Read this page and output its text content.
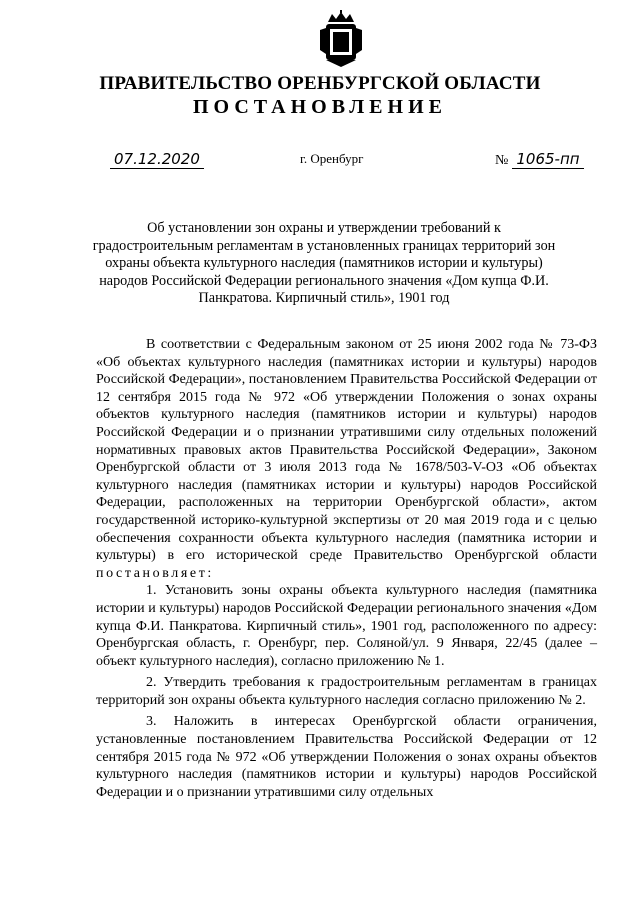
ПРАВИТЕЛЬСТВО ОРЕНБУРГСКОЙ ОБЛАСТИ
ПОСТАНОВЛЕНИЕ
07.12.2020	г. Оренбург	№ 1065-пп
Об установлении зон охраны и утверждении требований к градостроительным регламентам в установленных границах территорий зон охраны объекта культурного наследия (памятников истории и культуры) народов Российской Федерации регионального значения «Дом купца Ф.И. Панкратова. Кирпичный стиль», 1901 год

В соответствии с Федеральным законом от 25 июня 2002 года № 73-ФЗ «Об объектах культурного наследия (памятниках истории и культуры) народов Российской Федерации», постановлением Правительства Российской Федерации от 12 сентября 2015 года № 972 «Об утверждении Положения о зонах охраны объектов культурного наследия (памятников истории и культуры) народов Российской Федерации и о признании утратившими силу отдельных положений нормативных правовых актов Правительства Российской Федерации», Законом Оренбургской области от 3 июля 2013 года № 1678/503-V-ОЗ «Об объектах культурного наследия (памятниках истории и культуры) народов Российской Федерации, расположенных на территории Оренбургской области», актом государственной историко-культурной экспертизы от 20 мая 2019 года и с целью обеспечения сохранности объекта культурного наследия (памятника истории и культуры) в его исторической среде Правительство Оренбургской области постановляет:

1. Установить зоны охраны объекта культурного наследия (памятника истории и культуры) народов Российской Федерации регионального значения «Дом купца Ф.И. Панкратова. Кирпичный стиль», 1901 год, расположенного по адресу: Оренбургская область, г. Оренбург, пер. Соляной/ул. 9 Января, 22/45 (далее – объект культурного наследия), согласно приложению № 1.

2. Утвердить требования к градостроительным регламентам в границах территорий зон охраны объекта культурного наследия согласно приложению № 2.

3. Наложить в интересах Оренбургской области ограничения, установленные постановлением Правительства Российской Федерации от 12 сентября 2015 года № 972 «Об утверждении Положения о зонах охраны объектов культурного наследия (памятников истории и культуры) народов Российской Федерации и о признании утратившими силу отдельных
